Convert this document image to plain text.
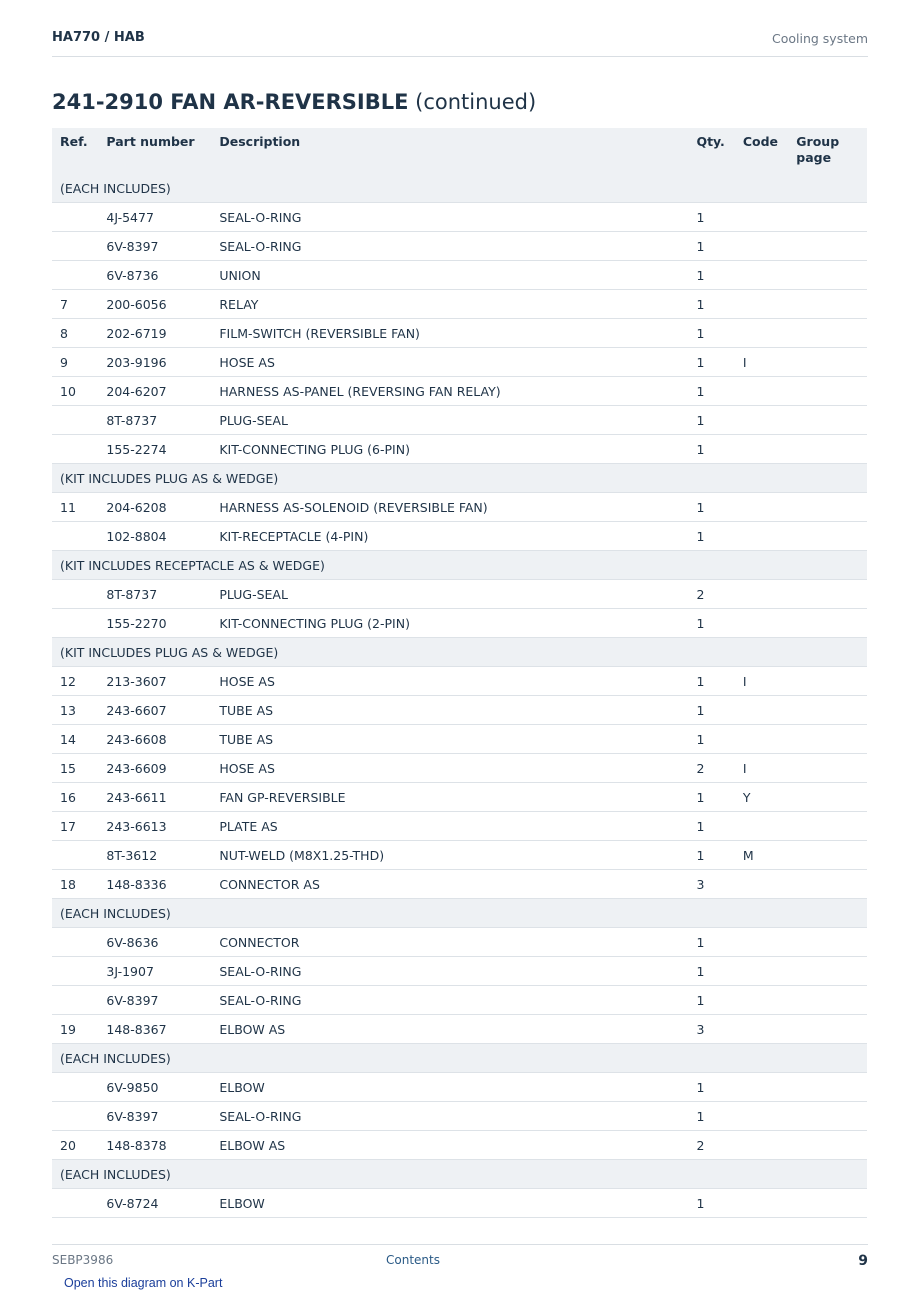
HA770 / HAB	Cooling system
241-2910 FAN AR-REVERSIBLE (continued)
Ref.	Part number	Description	Qty.	Code	Group page
(EACH INCLUDES)					
	4J-5477	SEAL-O-RING	1		
	6V-8397	SEAL-O-RING	1		
	6V-8736	UNION	1		
7	200-6056	RELAY	1		
8	202-6719	FILM-SWITCH (REVERSIBLE FAN)	1		
9	203-9196	HOSE AS	1	I	
10	204-6207	HARNESS AS-PANEL (REVERSING FAN RELAY)	1		
	8T-8737	PLUG-SEAL	1		
	155-2274	KIT-CONNECTING PLUG (6-PIN)	1		
(KIT INCLUDES PLUG AS & WEDGE)					
11	204-6208	HARNESS AS-SOLENOID (REVERSIBLE FAN)	1		
	102-8804	KIT-RECEPTACLE (4-PIN)	1		
(KIT INCLUDES RECEPTACLE AS & WEDGE)					
	8T-8737	PLUG-SEAL	2		
	155-2270	KIT-CONNECTING PLUG (2-PIN)	1		
(KIT INCLUDES PLUG AS & WEDGE)					
12	213-3607	HOSE AS	1	I	
13	243-6607	TUBE AS	1		
14	243-6608	TUBE AS	1		
15	243-6609	HOSE AS	2	I	
16	243-6611	FAN GP-REVERSIBLE	1	Y	
17	243-6613	PLATE AS	1		
	8T-3612	NUT-WELD (M8X1.25-THD)	1	M	
18	148-8336	CONNECTOR AS	3		
(EACH INCLUDES)					
	6V-8636	CONNECTOR	1		
	3J-1907	SEAL-O-RING	1		
	6V-8397	SEAL-O-RING	1		
19	148-8367	ELBOW AS	3		
(EACH INCLUDES)					
	6V-9850	ELBOW	1		
	6V-8397	SEAL-O-RING	1		
20	148-8378	ELBOW AS	2		
(EACH INCLUDES)					
	6V-8724	ELBOW	1		
SEBP3986	Contents	9
Open this diagram on K-Part
